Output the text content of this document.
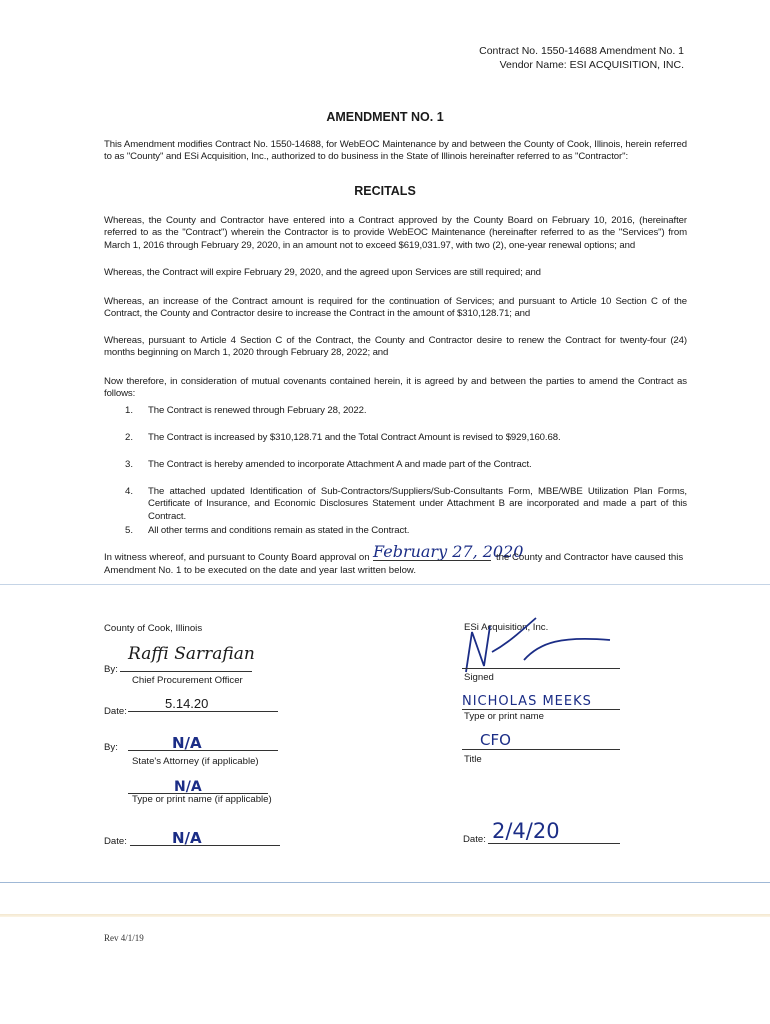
Contract No. 1550-14688 Amendment No. 1
Vendor Name: ESI ACQUISITION, INC.
AMENDMENT NO. 1
This Amendment modifies Contract No. 1550-14688, for WebEOC Maintenance by and between the County of Cook, Illinois, herein referred to as "County" and ESi Acquisition, Inc., authorized to do business in the State of Illinois hereinafter referred to as "Contractor":
RECITALS
Whereas, the County and Contractor have entered into a Contract approved by the County Board on February 10, 2016, (hereinafter referred to as the "Contract") wherein the Contractor is to provide WebEOC Maintenance (hereinafter referred to as the "Services") from March 1, 2016 through February 29, 2020, in an amount not to exceed $619,031.97, with two (2), one-year renewal options; and
Whereas, the Contract will expire February 29, 2020, and the agreed upon Services are still required; and
Whereas, an increase of the Contract amount is required for the continuation of Services; and pursuant to Article 10 Section C of the Contract, the County and Contractor desire to increase the Contract in the amount of $310,128.71; and
Whereas, pursuant to Article 4 Section C of the Contract, the County and Contractor desire to renew the Contract for twenty-four (24) months beginning on March 1, 2020 through February 28, 2022; and
Now therefore, in consideration of mutual covenants contained herein, it is agreed by and between the parties to amend the Contract as follows:
1. The Contract is renewed through February 28, 2022.
2. The Contract is increased by $310,128.71 and the Total Contract Amount is revised to $929,160.68.
3. The Contract is hereby amended to incorporate Attachment A and made part of the Contract.
4. The attached updated Identification of Sub-Contractors/Suppliers/Sub-Consultants Form, MBE/WBE Utilization Plan Forms, Certificate of Insurance, and Economic Disclosures Statement under Attachment B are incorporated and made a part of this Contract.
5. All other terms and conditions remain as stated in the Contract.
In witness whereof, and pursuant to County Board approval on February 27, 2020
the County and Contractor have caused this
Amendment No. 1 to be executed on the date and year last written below.
County of Cook, Illinois
By:
Raffi Sarrafian
Chief Procurement Officer
Date:
5.14.20
By:	N/A
State's Attorney (if applicable)
N/A
Type or print name (if applicable)
Date:	N/A
ESi Acquisition, Inc.
Signed
NICHOLAS MEEKS
Type or print name
CFO
Title
Date: 2/4/20
Rev 4/1/19
